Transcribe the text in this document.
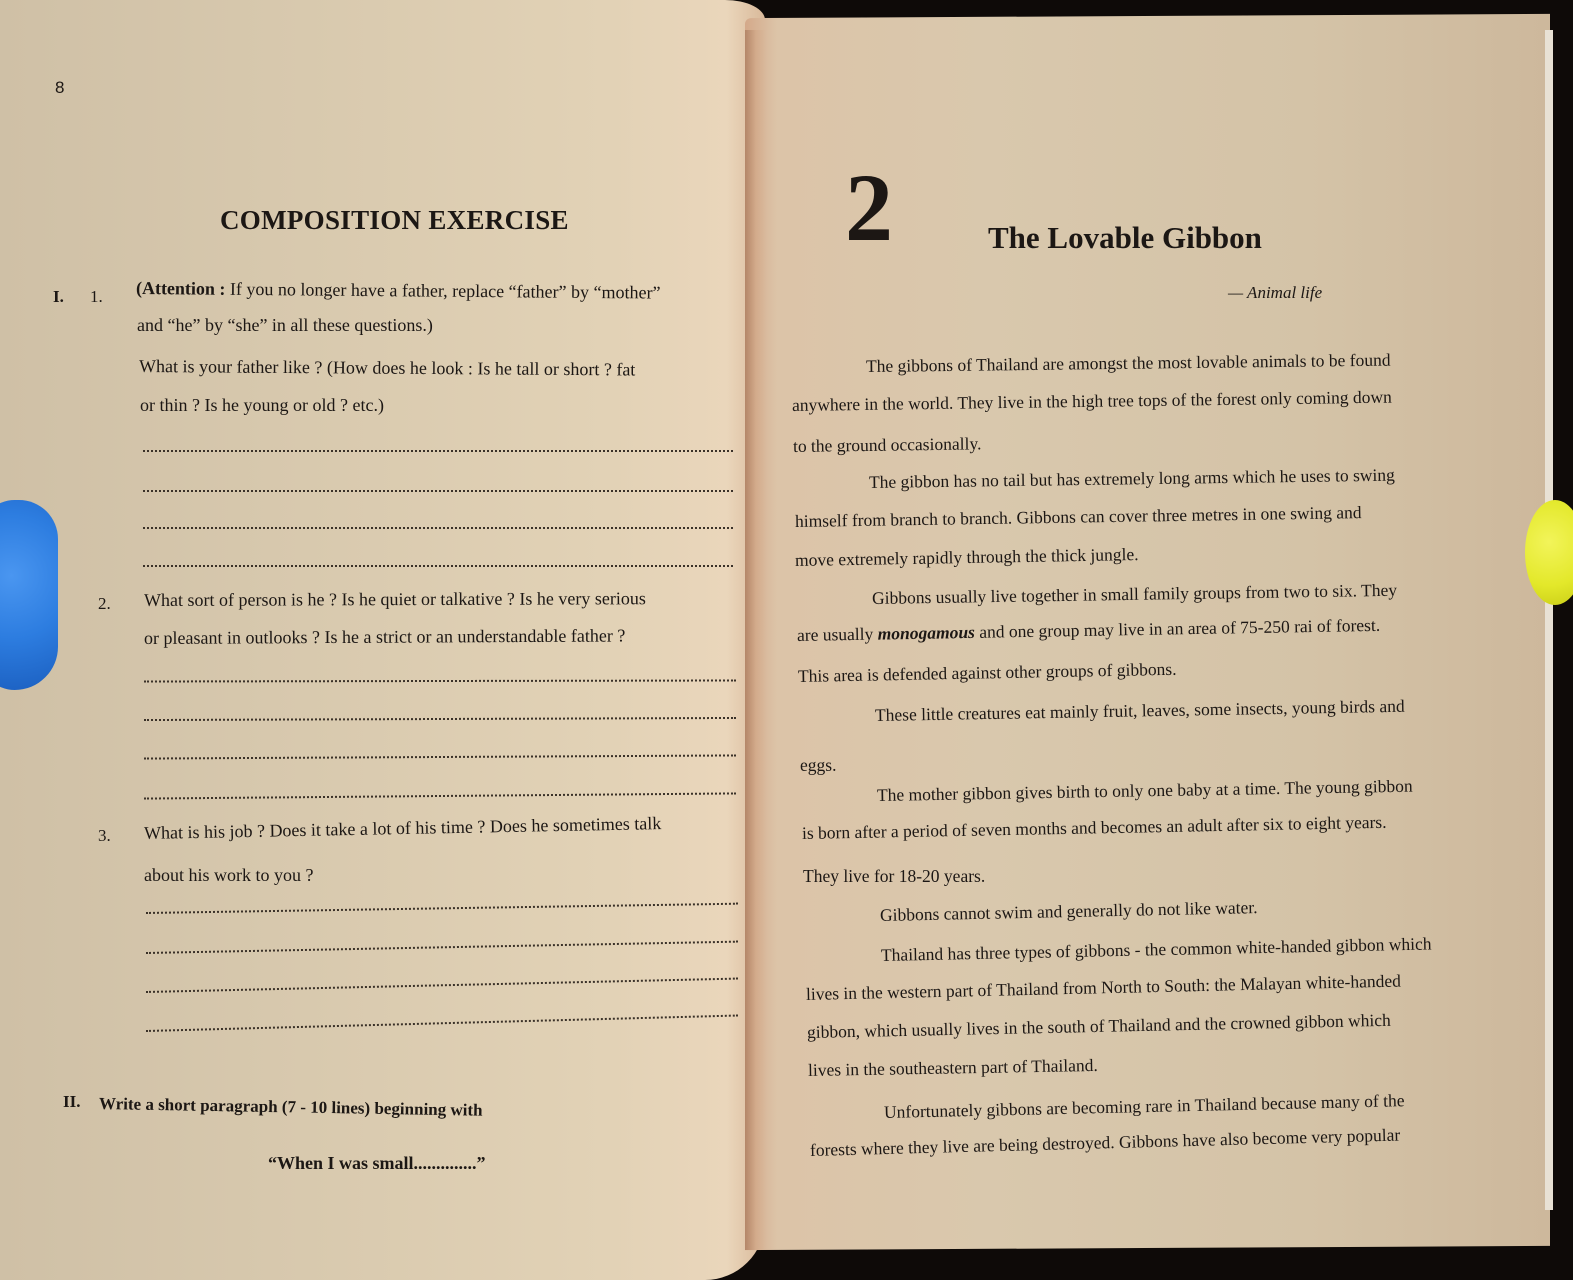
8
COMPOSITION EXERCISE
I. 1. (Attention : If you no longer have a father, replace “father” by “mother”
and “he” by “she” in all these questions.)
What is your father like ? (How does he look : Is he tall or short ? fat
or thin ? Is he young or old ? etc.)
2. What sort of person is he ? Is he quiet or talkative ? Is he very serious
or pleasant in outlooks ? Is he a strict or an understandable father ?
3. What is his job ? Does it take a lot of his time ? Does he sometimes talk
about his work to you ?
II. Write a short paragraph (7 - 10 lines) beginning with
“When I was small..............”
2	The Lovable Gibbon
— Animal life
The gibbons of Thailand are amongst the most lovable animals to be found
anywhere in the world. They live in the high tree tops of the forest only coming down
to the ground occasionally.
The gibbon has no tail but has extremely long arms which he uses to swing
himself from branch to branch. Gibbons can cover three metres in one swing and
move extremely rapidly through the thick jungle.
Gibbons usually live together in small family groups from two to six. They
are usually monogamous and one group may live in an area of 75-250 rai of forest.
This area is defended against other groups of gibbons.
These little creatures eat mainly fruit, leaves, some insects, young birds and
eggs.
The mother gibbon gives birth to only one baby at a time. The young gibbon
is born after a period of seven months and becomes an adult after six to eight years.
They live for 18-20 years.
Gibbons cannot swim and generally do not like water.
Thailand has three types of gibbons - the common white-handed gibbon which
lives in the western part of Thailand from North to South: the Malayan white-handed
gibbon, which usually lives in the south of Thailand and the crowned gibbon which
lives in the southeastern part of Thailand.
Unfortunately gibbons are becoming rare in Thailand because many of the
forests where they live are being destroyed. Gibbons have also become very popular
